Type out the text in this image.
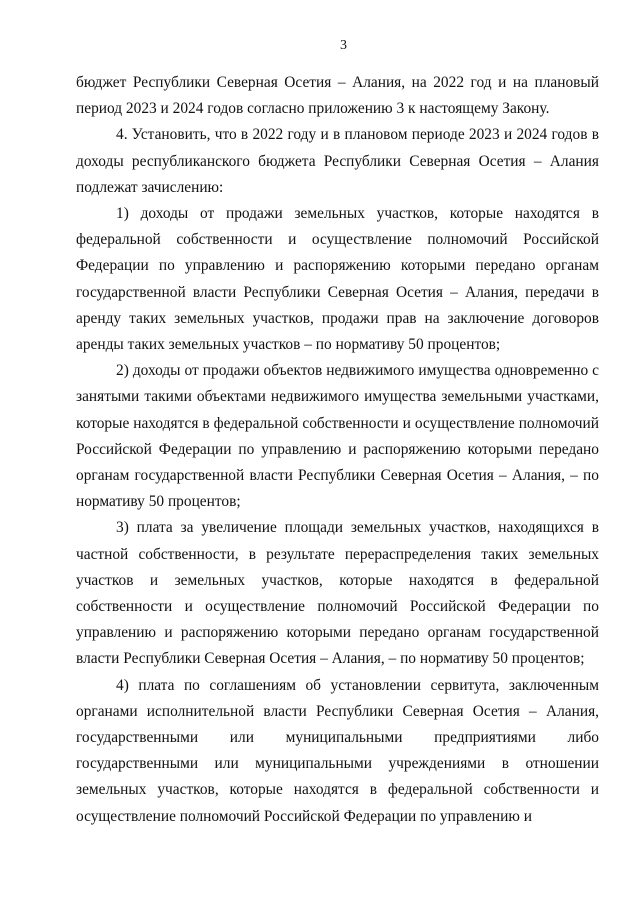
3

бюджет Республики Северная Осетия – Алания, на 2022 год и на плановый период 2023 и 2024 годов согласно приложению 3 к настоящему Закону.

4. Установить, что в 2022 году и в плановом периоде 2023 и 2024 годов в доходы республиканского бюджета Республики Северная Осетия – Алания подлежат зачислению:

1) доходы от продажи земельных участков, которые находятся в федеральной собственности и осуществление полномочий Российской Федерации по управлению и распоряжению которыми передано органам государственной власти Республики Северная Осетия – Алания, передачи в аренду таких земельных участков, продажи прав на заключение договоров аренды таких земельных участков – по нормативу 50 процентов;

2) доходы от продажи объектов недвижимого имущества одновременно с занятыми такими объектами недвижимого имущества земельными участками, которые находятся в федеральной собственности и осуществление полномочий Российской Федерации по управлению и распоряжению которыми передано органам государственной власти Республики Северная Осетия – Алания, – по нормативу 50 процентов;

3) плата за увеличение площади земельных участков, находящихся в частной собственности, в результате перераспределения таких земельных участков и земельных участков, которые находятся в федеральной собственности и осуществление полномочий Российской Федерации по управлению и распоряжению которыми передано органам государственной власти Республики Северная Осетия – Алания, – по нормативу 50 процентов;

4) плата по соглашениям об установлении сервитута, заключенным органами исполнительной власти Республики Северная Осетия – Алания, государственными или муниципальными предприятиями либо государственными или муниципальными учреждениями в отношении земельных участков, которые находятся в федеральной собственности и осуществление полномочий Российской Федерации по управлению и
